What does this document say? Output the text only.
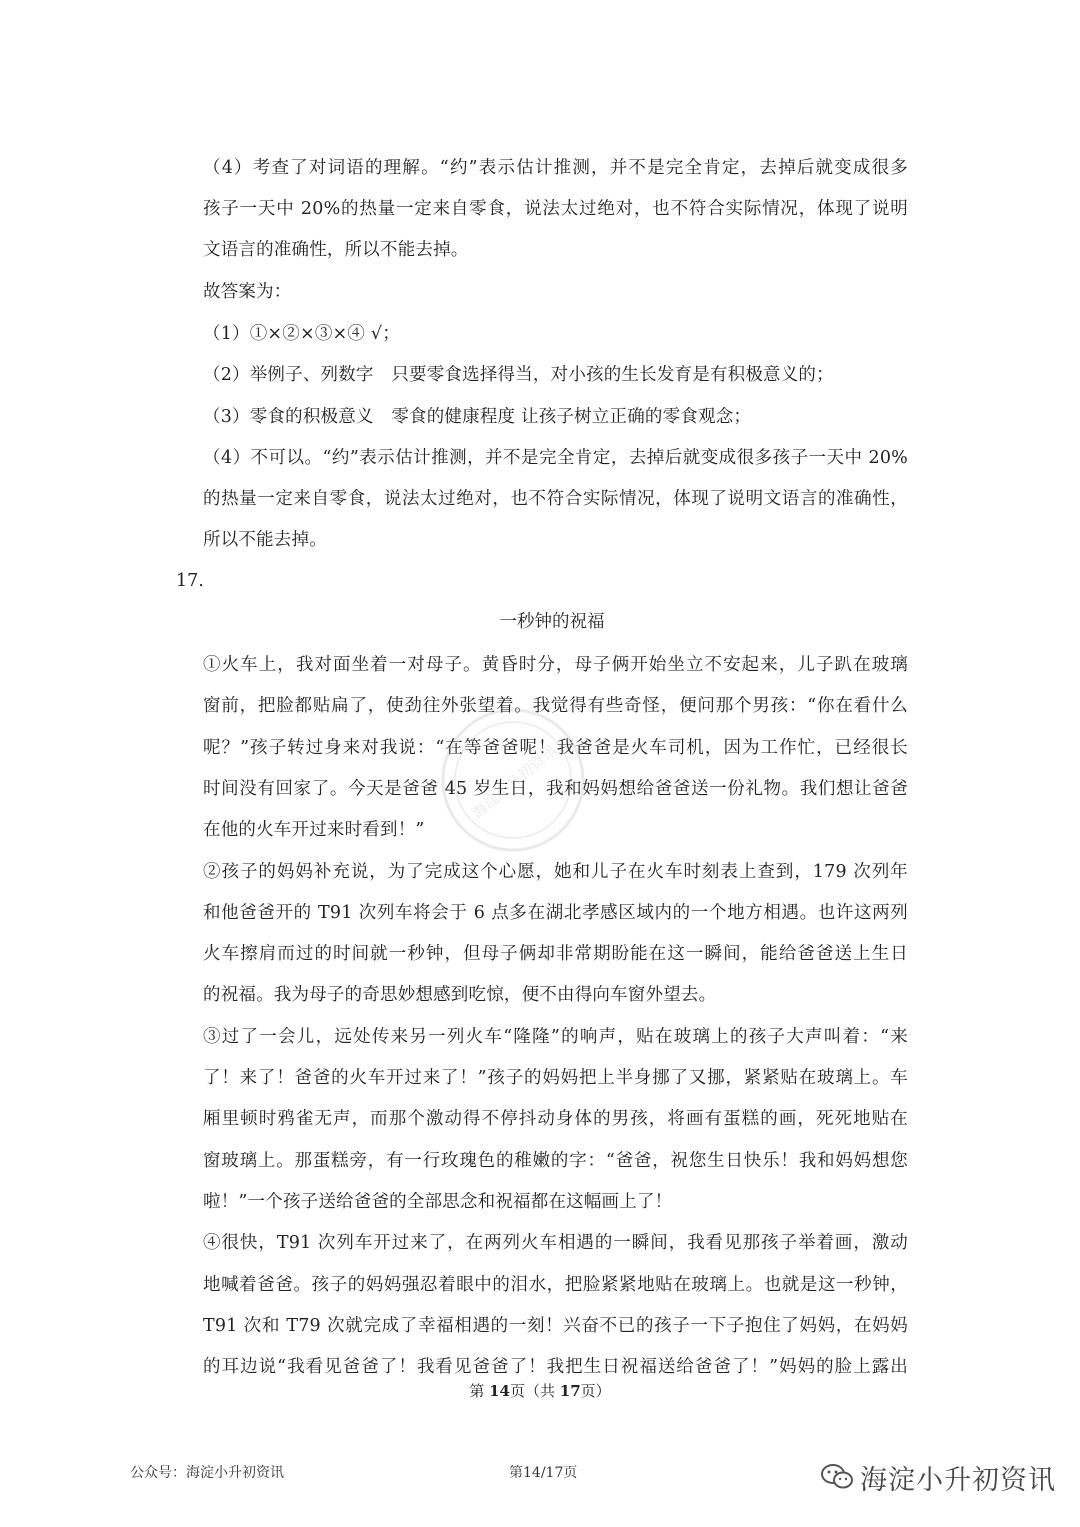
（4）考查了对词语的理解。“约”表示估计推测，并不是完全肯定，去掉后就变成很多
孩子一天中 20%的热量一定来自零食，说法太过绝对，也不符合实际情况，体现了说明
文语言的准确性，所以不能去掉。
故答案为：
（1）①×②×③×④ √；
（2）举例子、列数字　只要零食选择得当，对小孩的生长发育是有积极意义的；
（3）零食的积极意义　零食的健康程度 让孩子树立正确的零食观念；
（4）不可以。“约”表示估计推测，并不是完全肯定，去掉后就变成很多孩子一天中 20%
的热量一定来自零食，说法太过绝对，也不符合实际情况，体现了说明文语言的准确性，
所以不能去掉。
17.
一秒钟的祝福
①火车上，我对面坐着一对母子。黄昏时分，母子俩开始坐立不安起来，儿子趴在玻璃
窗前，把脸都贴扁了，使劲往外张望着。我觉得有些奇怪，便问那个男孩：“你在看什么
呢？”孩子转过身来对我说：“在等爸爸呢！我爸爸是火车司机，因为工作忙，已经很长
时间没有回家了。今天是爸爸 45 岁生日，我和妈妈想给爸爸送一份礼物。我们想让爸爸
在他的火车开过来时看到！”
②孩子的妈妈补充说，为了完成这个心愿，她和儿子在火车时刻表上查到，179 次列年
和他爸爸开的 T91 次列车将会于 6 点多在湖北孝感区域内的一个地方相遇。也许这两列
火车擦肩而过的时间就一秒钟，但母子俩却非常期盼能在这一瞬间，能给爸爸送上生日
的祝福。我为母子的奇思妙想感到吃惊，便不由得向车窗外望去。
③过了一会儿，远处传来另一列火车“隆隆”的响声，贴在玻璃上的孩子大声叫着：“来
了！来了！爸爸的火车开过来了！”孩子的妈妈把上半身挪了又挪，紧紧贴在玻璃上。车
厢里顿时鸦雀无声，而那个激动得不停抖动身体的男孩，将画有蛋糕的画，死死地贴在
窗玻璃上。那蛋糕旁，有一行玫瑰色的稚嫩的字：“爸爸，祝您生日快乐！我和妈妈想您
啦！”一个孩子送给爸爸的全部思念和祝福都在这幅画上了！
④很快，T91 次列车开过来了，在两列火车相遇的一瞬间，我看见那孩子举着画，激动
地喊着爸爸。孩子的妈妈强忍着眼中的泪水，把脸紧紧地贴在玻璃上。也就是这一秒钟，
T91 次和 T79 次就完成了幸福相遇的一刻！兴奋不已的孩子一下子抱住了妈妈，在妈妈
的耳边说“我看见爸爸了！我看见爸爸了！我把生日祝福送给爸爸了！”妈妈的脸上露出
海淀小升初资讯
第 14页（共 17页）
公众号：海淀小升初资讯	第14/17页	海淀小升初资讯
